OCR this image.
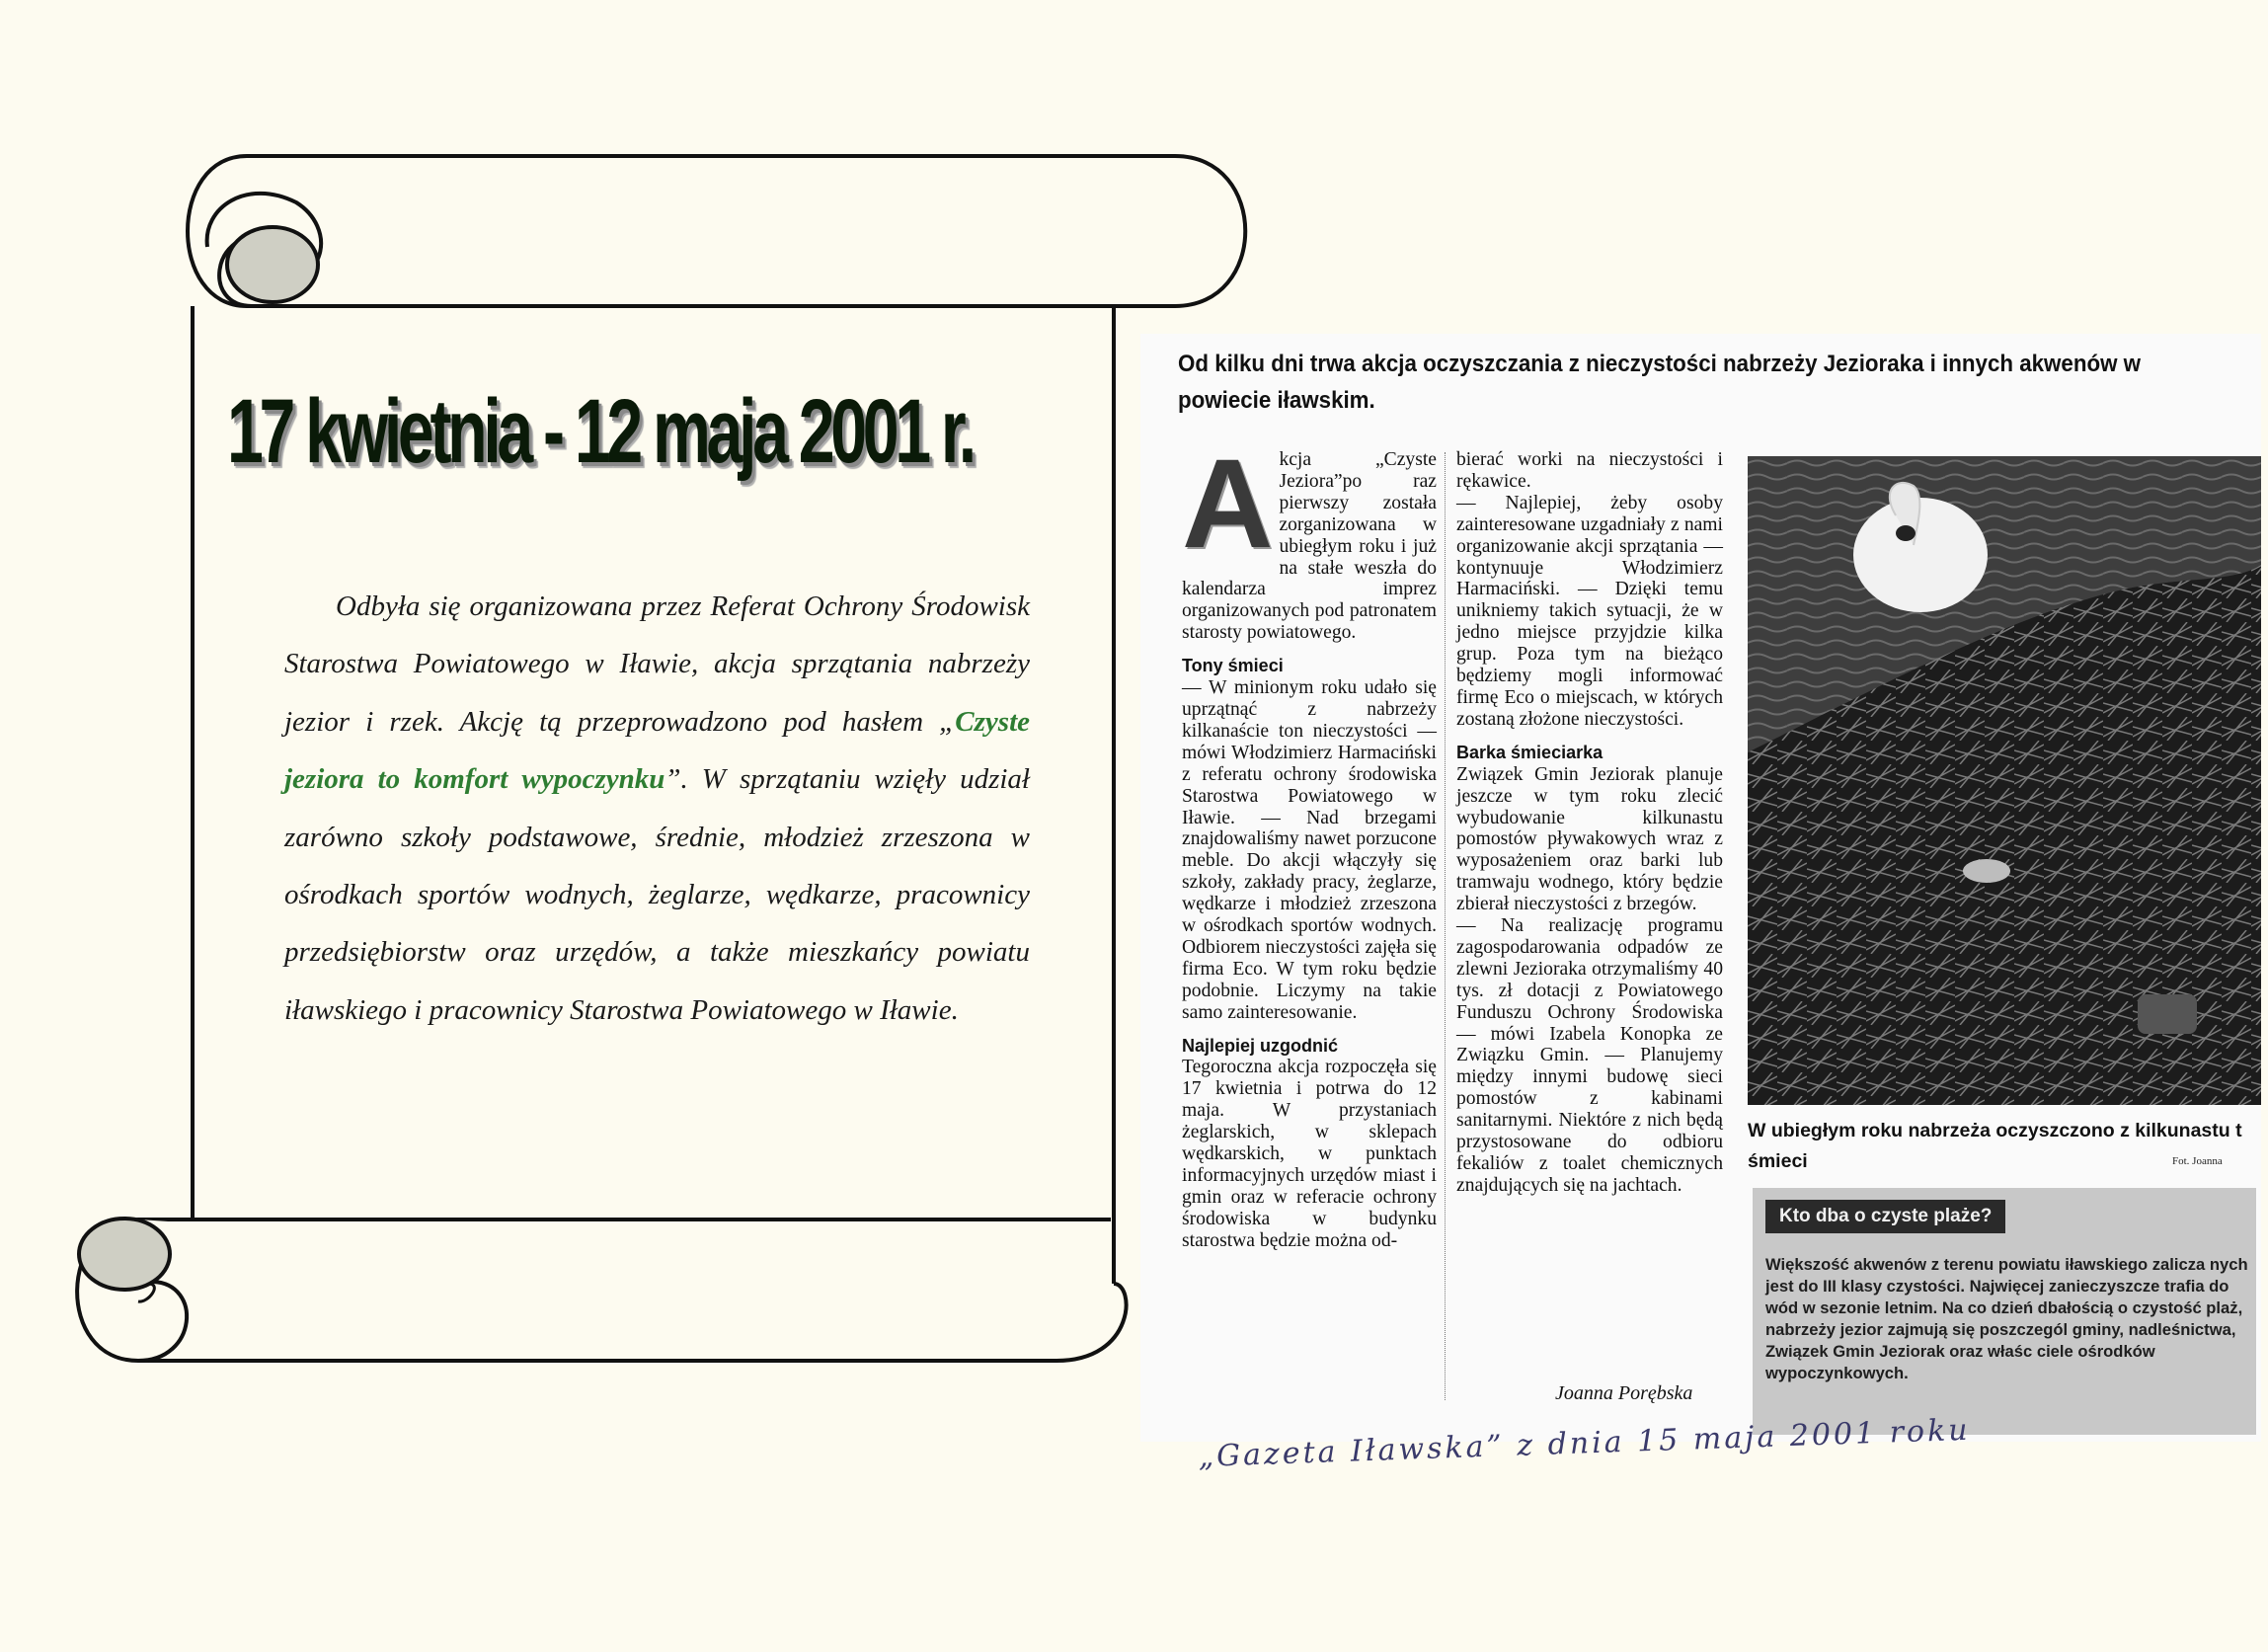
17 kwietnia - 12 maja 2001 r.
Odbyła się organizowana przez Referat Ochrony Środowisk Starostwa Powiatowego w Iławie, akcja sprzątania nabrzeży jezior i rzek. Akcję tą przeprowadzono pod hasłem „Czyste jeziora to komfort wypoczynku”. W sprzątaniu wzięły udział zarówno szkoły podstawowe, średnie, młodzież zrzeszona w ośrodkach sportów wodnych, żeglarze, wędkarze, pracownicy przedsiębiorstw oraz urzędów, a także mieszkańcy powiatu iławskiego i pracownicy Starostwa Powiatowego w Iławie.
Od kilku dni trwa akcja oczyszczania z nieczystości nabrzeży Jezioraka i innych akwenów w powiecie iławskim.
A kcja „Czyste Jeziora”po raz pierwszy została zorganizowana w ubiegłym roku i już na stałe weszła do kalendarza imprez organizowanych pod patronatem starosty powiatowego.

Tony śmieci

— W minionym roku udało się uprzątnąć z nabrzeży kilkanaście ton nieczystości — mówi Włodzimierz Harmaciński z referatu ochrony środowiska Starostwa Powiatowego w Iławie. — Nad brzegami znajdowaliśmy nawet porzucone meble. Do akcji włączyły się szkoły, zakłady pracy, żeglarze, wędkarze i młodzież zrzeszona w ośrodkach sportów wodnych. Odbiorem nieczystości zajęła się firma Eco. W tym roku będzie podobnie. Liczymy na takie samo zainteresowanie.

Najlepiej uzgodnić

Tegoroczna akcja rozpoczęła się 17 kwietnia i potrwa do 12 maja. W przystaniach żeglarskich, w sklepach wędkarskich, w punktach informacyjnych urzędów miast i gmin oraz w referacie ochrony środowiska w budynku starostwa będzie można od-

bierać worki na nieczystości i rękawice.

— Najlepiej, żeby osoby zainteresowane uzgadniały z nami organizowanie akcji sprzątania — kontynuuje Włodzimierz Harmaciński. — Dzięki temu unikniemy takich sytuacji, że w jedno miejsce przyjdzie kilka grup. Poza tym na bieżąco będziemy mogli informować firmę Eco o miejscach, w których zostaną złożone nieczystości.

Barka śmieciarka

Związek Gmin Jeziorak planuje jeszcze w tym roku zlecić wybudowanie kilkunastu pomostów pływakowych wraz z wyposażeniem oraz barki lub tramwaju wodnego, który będzie zbierał nieczystości z brzegów.

— Na realizację programu zagospodarowania odpadów ze zlewni Jezioraka otrzymaliśmy 40 tys. zł dotacji z Powiatowego Funduszu Ochrony Środowiska — mówi Izabela Konopka ze Związku Gmin. — Planujemy między innymi budowę sieci pomostów z kabinami sanitarnymi. Niektóre z nich będą przystosowane do odbioru fekaliów z toalet chemicznych znajdujących się na jachtach.

Joanna Porębska
W ubiegłym roku nabrzeża oczyszczono z kilkunastu t śmieci	Fot. Joanna
Kto dba o czyste plaże?
Większość akwenów z terenu powiatu iławskiego zalicza nych jest do III klasy czystości. Najwięcej zanieczyszcze trafia do wód w sezonie letnim. Na co dzień dbałością o czystość plaż, nabrzeży jezior zajmują się poszczegól gminy, nadleśnictwa, Związek Gmin Jeziorak oraz właśc ciele ośrodków wypoczynkowych.
„Gazeta Iławska” z dnia 15 maja 2001 roku
